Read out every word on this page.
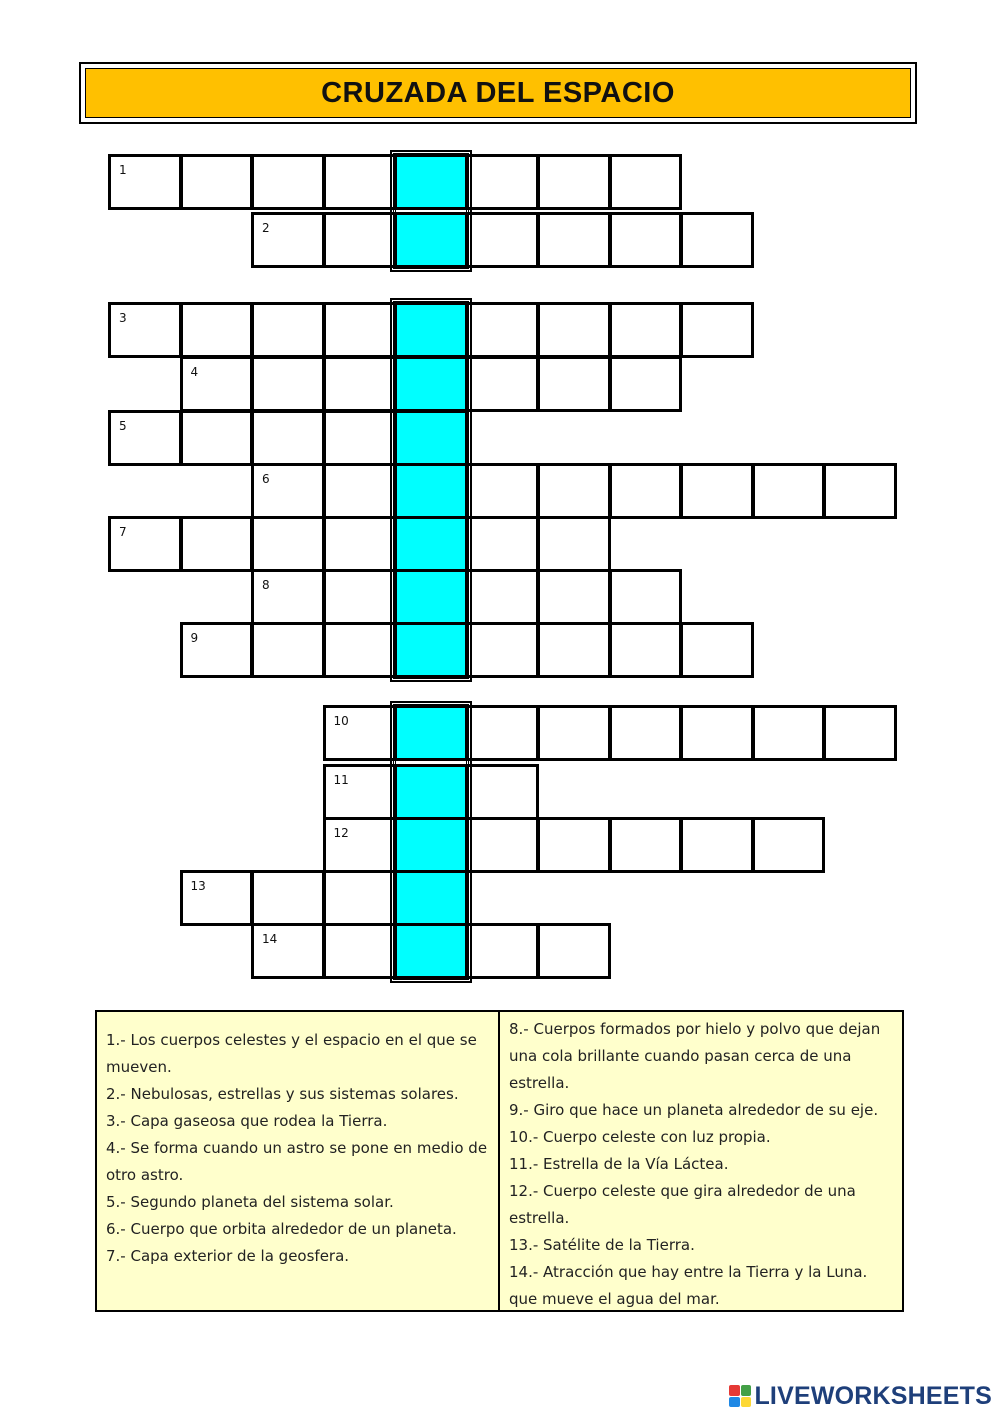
CRUZADA DEL ESPACIO
1
2
3
4
5
6
7
8
9
10
11
12
13
14

1.- Los cuerpos celestes y el espacio en el que se mueven.

2.- Nebulosas, estrellas y sus sistemas solares.

3.- Capa gaseosa que rodea la Tierra.

4.- Se forma cuando un astro se pone en medio de otro astro.

5.- Segundo planeta del sistema solar.

6.- Cuerpo que orbita alrededor de un planeta.

7.- Capa exterior de la geosfera.

8.- Cuerpos formados por hielo y polvo que dejan una cola brillante cuando pasan cerca de una estrella.

9.- Giro que hace un planeta alrededor de su eje.

10.- Cuerpo celeste con luz propia.

11.- Estrella de la Vía Láctea.

12.- Cuerpo celeste que gira alrededor de una estrella.

13.- Satélite de la Tierra.

14.- Atracción que hay entre la Tierra y la Luna. que mueve el agua del mar.

LIVEWORKSHEETS
